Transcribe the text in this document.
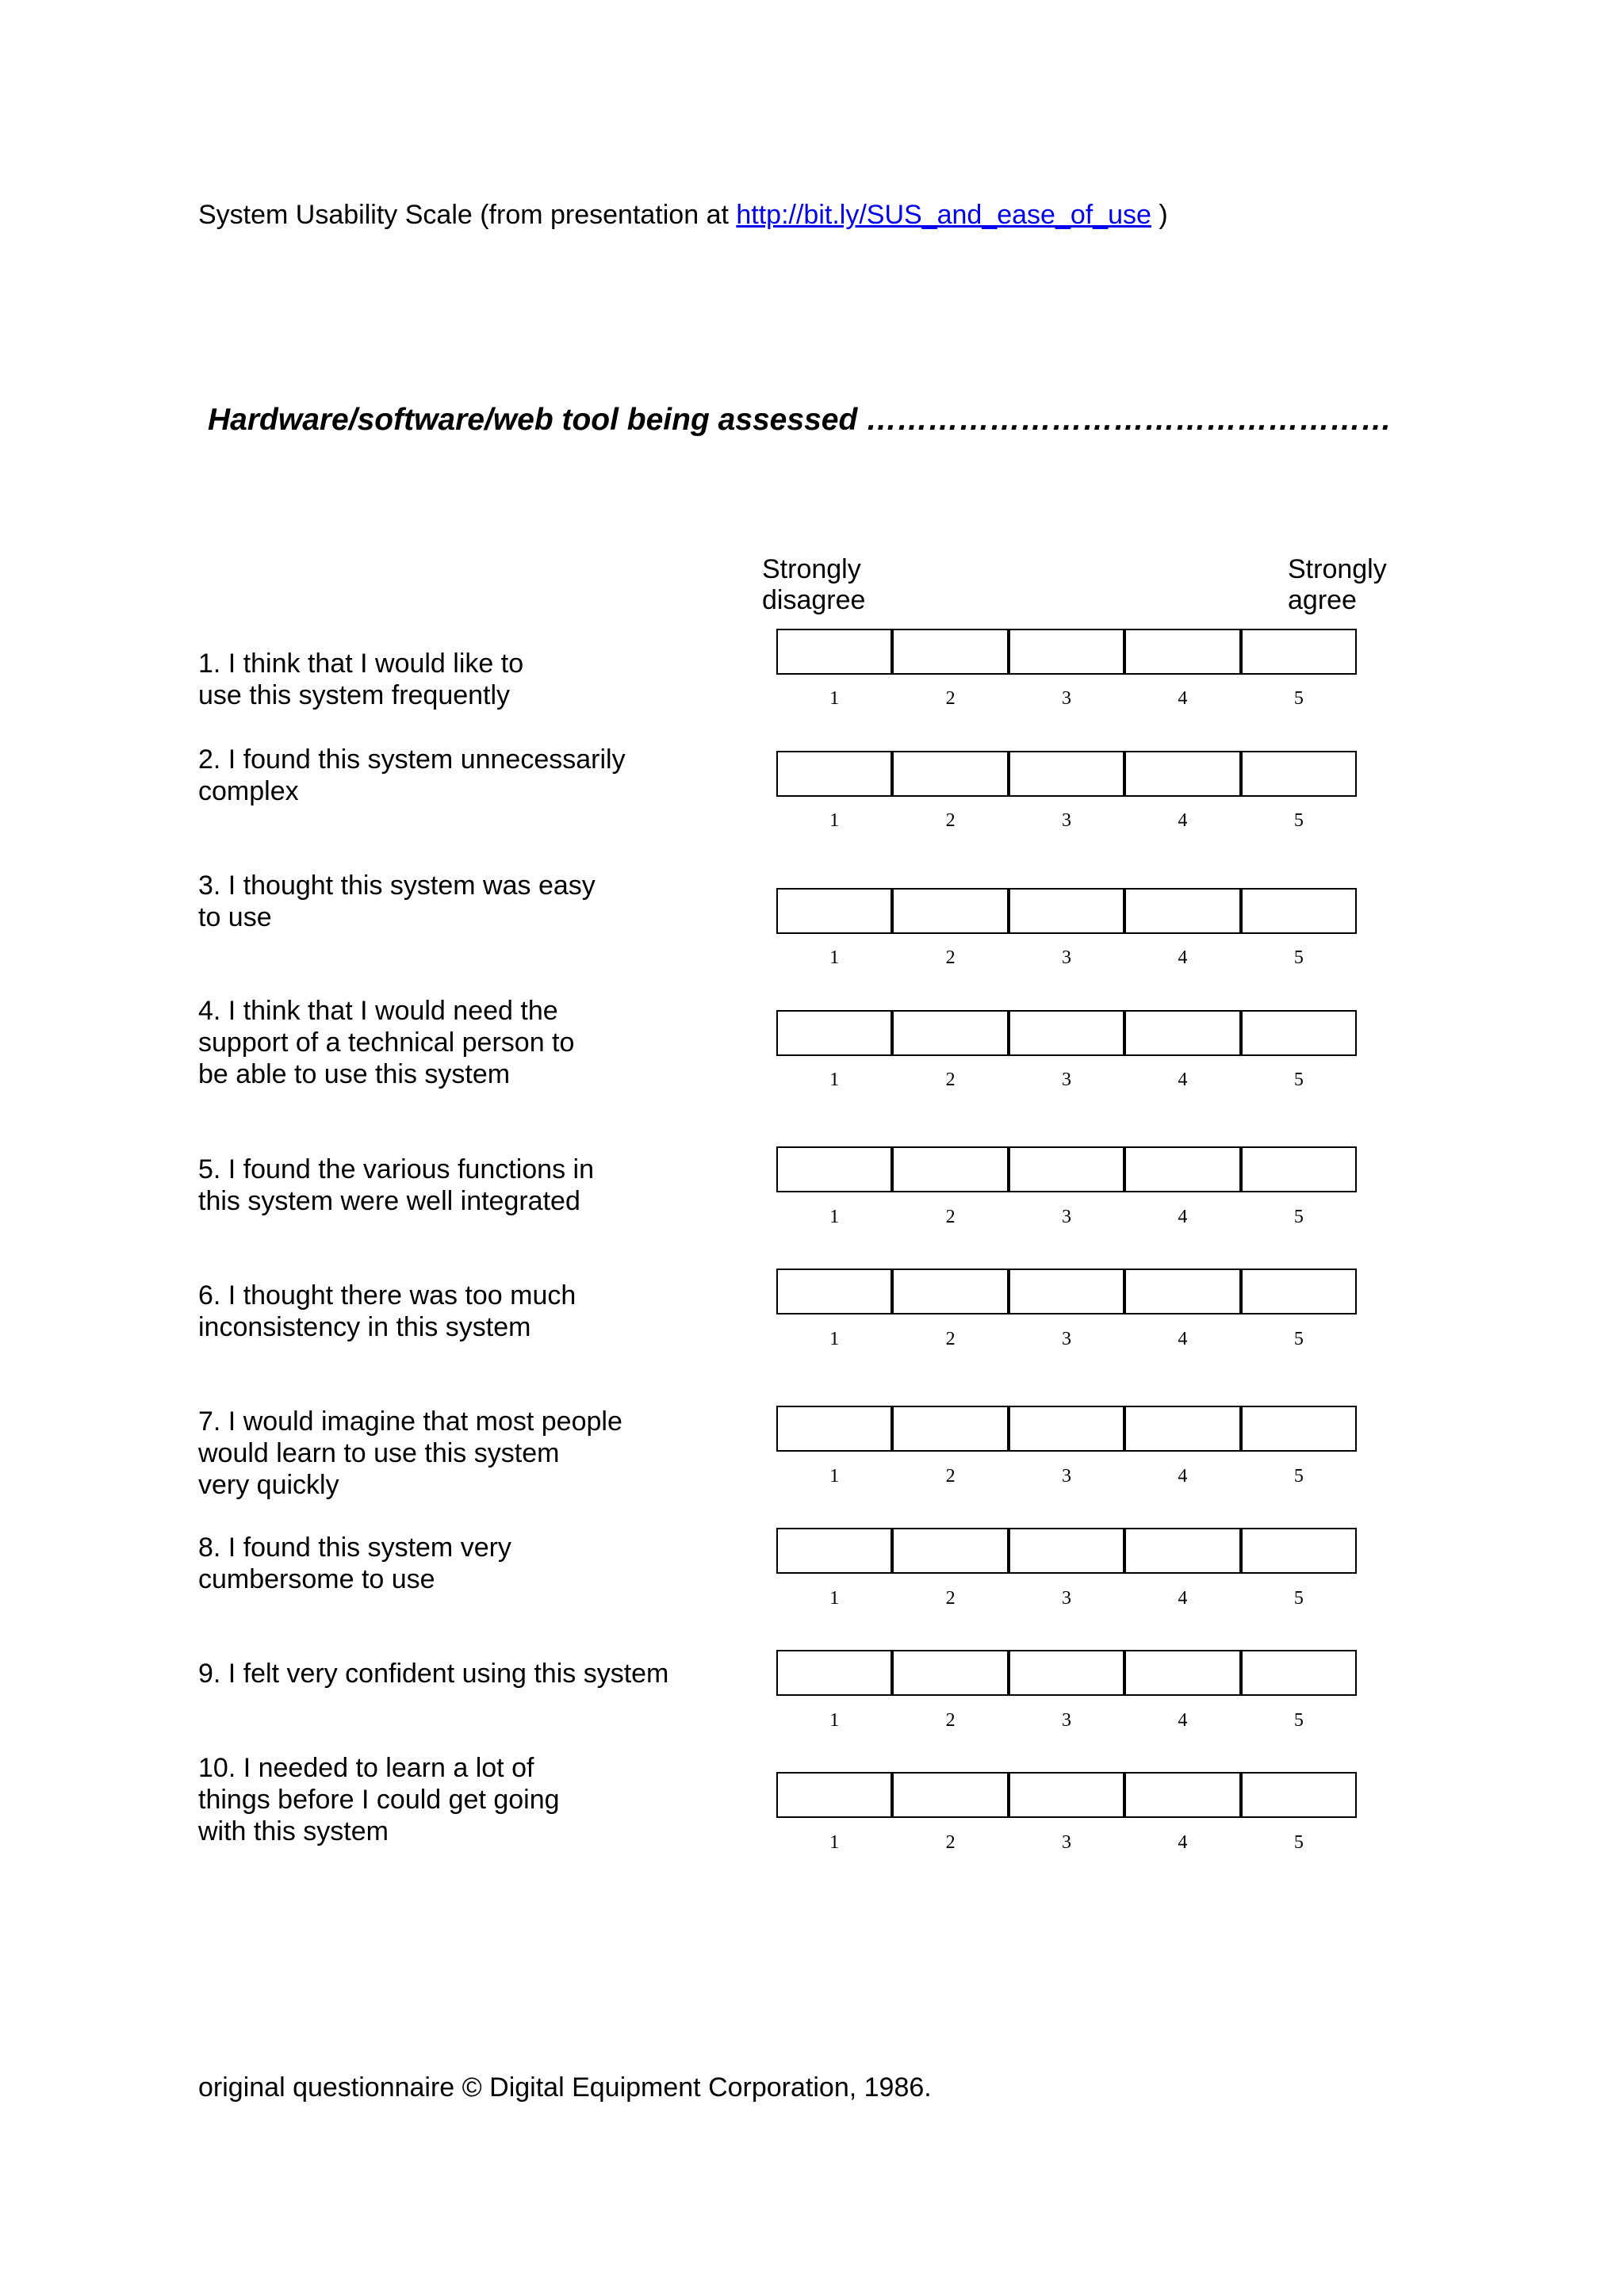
System Usability Scale (from presentation at http://bit.ly/SUS_and_ease_of_use )
Hardware/software/web tool being assessed ……………………………………………
Strongly
disagree
Strongly
agree
1. I think that I would like to
use this system frequently	1	2	3	4	5
2. I found this system unnecessarily
complex
1	2	3	4	5
3. I thought this system was easy
to use
1	2	3	4	5
4. I think that I would need the
support of a technical person to
be able to use this system	1	2	3	4	5
5. I found the various functions in
this system were well integrated
1	2	3	4	5
6. I thought there was too much
inconsistency in this system	1	2	3	4	5
7. I would imagine that most people
would learn to use this system
very quickly	1	2	3	4	5
8. I found this system very
cumbersome to use
1	2	3	4	5
9. I felt very confident using this system
1	2	3	4	5
10. I needed to learn a lot of
things before I could get going
with this system	1	2	3	4	5
original questionnaire © Digital Equipment Corporation, 1986.
